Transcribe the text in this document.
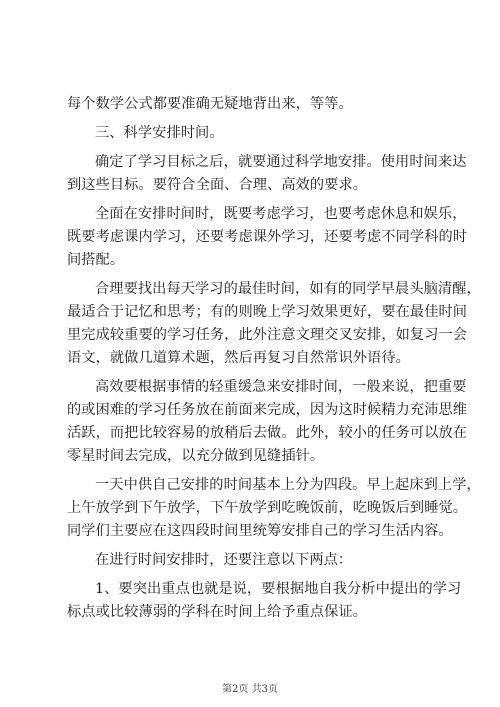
每个数学公式都要准确无疑地背出来，等等。
三、科学安排时间。
确定了学习目标之后，就要通过科学地安排。使用时间来达
到这些目标。要符合全面、合理、高效的要求。
全面在安排时间时，既要考虑学习，也要考虑休息和娱乐，
既要考虑课内学习，还要考虑课外学习，还要考虑不同学科的时
间搭配。
合理要找出每天学习的最佳时间，如有的同学早晨头脑清醒，
最适合于记忆和思考；有的则晚上学习效果更好，要在最佳时间
里完成较重要的学习任务，此外注意文理交叉安排，如复习一会
语文，就做几道算术题，然后再复习自然常识外语待。
高效要根据事情的轻重缓急来安排时间，一般来说，把重要
的或困难的学习任务放在前面来完成，因为这时候精力充沛思维
活跃，而把比较容易的放稍后去做。此外，较小的任务可以放在
零星时间去完成，以充分做到见缝插针。
一天中供自己安排的时间基本上分为四段。早上起床到上学，
上午放学到下午放学，下午放学到吃晚饭前，吃晚饭后到睡觉。
同学们主要应在这四段时间里统筹安排自己的学习生活内容。
在进行时间安排时，还要注意以下两点：
1、要突出重点也就是说，要根据地自我分析中提出的学习
标点或比较薄弱的学科在时间上给予重点保证。
第2页 共3页
